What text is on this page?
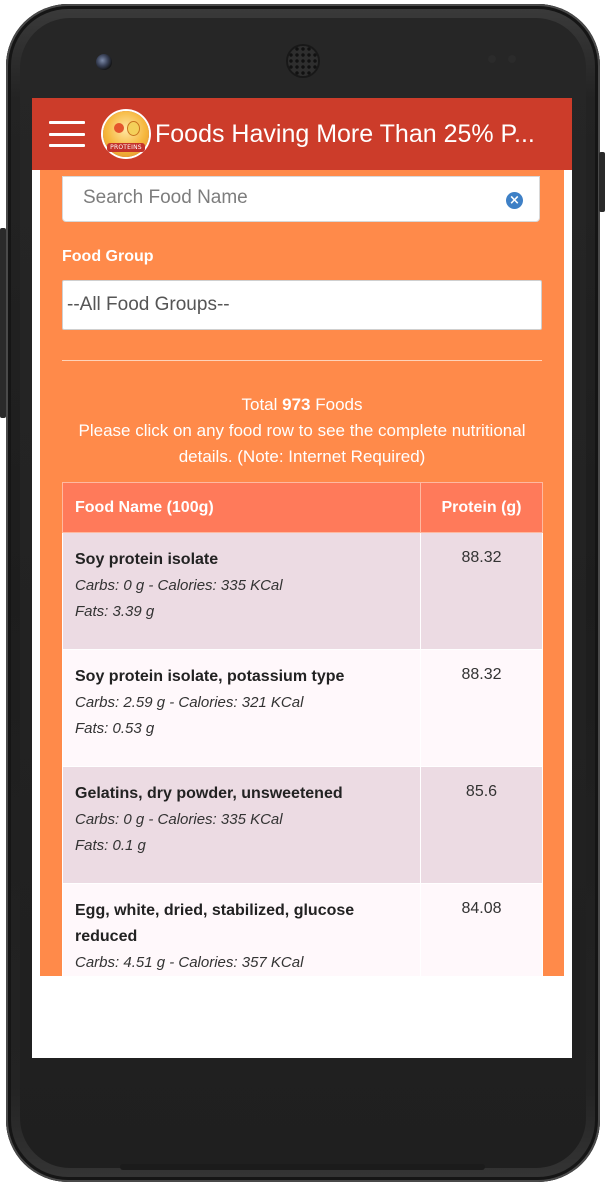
PROTEINS Foods Having More Than 25% P...
Search Food Name	×
Food Group
--All Food Groups--
Total 973 Foods
Please click on any food row to see the complete nutritional details. (Note: Internet Required)
Food Name (100g)	Protein (g)

Soy protein isolate
Carbs: 0 g - Calories: 335 KCal
Fats: 3.39 g	88.32

Soy protein isolate, potassium type
Carbs: 2.59 g - Calories: 321 KCal
Fats: 0.53 g	88.32

Gelatins, dry powder, unsweetened
Carbs: 0 g - Calories: 335 KCal
Fats: 0.1 g	85.6

Egg, white, dried, stabilized, glucose reduced
Carbs: 4.51 g - Calories: 357 KCal	84.08
